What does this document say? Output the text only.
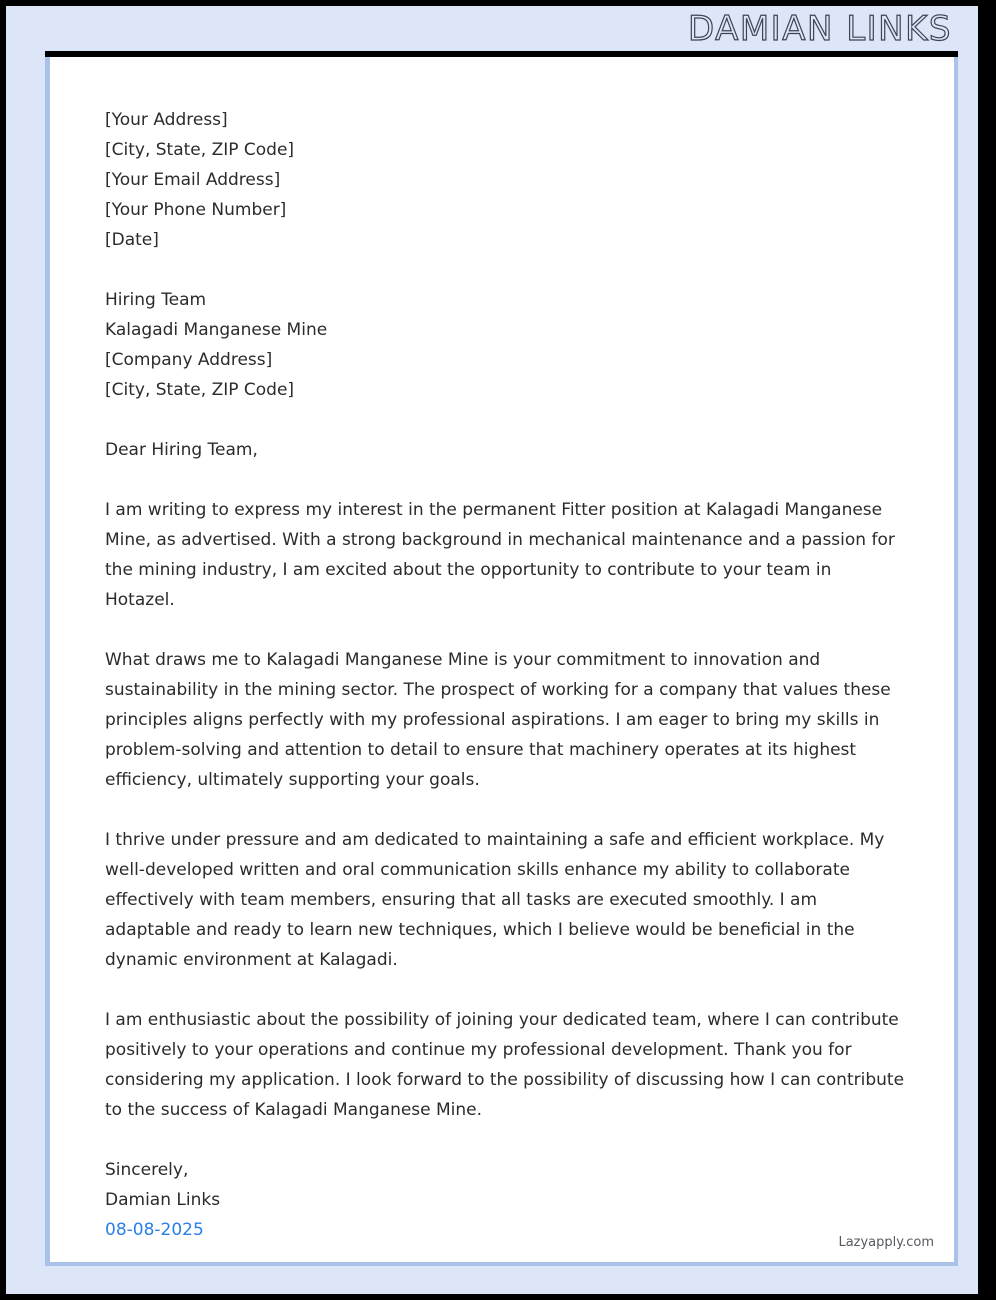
DAMIAN LINKS
[Your Address]
[City, State, ZIP Code]
[Your Email Address]
[Your Phone Number]
[Date]
Hiring Team
Kalagadi Manganese Mine
[Company Address]
[City, State, ZIP Code]
Dear Hiring Team,
I am writing to express my interest in the permanent Fitter position at Kalagadi Manganese Mine, as advertised. With a strong background in mechanical maintenance and a passion for the mining industry, I am excited about the opportunity to contribute to your team in Hotazel.
What draws me to Kalagadi Manganese Mine is your commitment to innovation and sustainability in the mining sector. The prospect of working for a company that values these principles aligns perfectly with my professional aspirations. I am eager to bring my skills in problem-solving and attention to detail to ensure that machinery operates at its highest efficiency, ultimately supporting your goals.
I thrive under pressure and am dedicated to maintaining a safe and efficient workplace. My well-developed written and oral communication skills enhance my ability to collaborate effectively with team members, ensuring that all tasks are executed smoothly. I am adaptable and ready to learn new techniques, which I believe would be beneficial in the dynamic environment at Kalagadi.
I am enthusiastic about the possibility of joining your dedicated team, where I can contribute positively to your operations and continue my professional development. Thank you for considering my application. I look forward to the possibility of discussing how I can contribute to the success of Kalagadi Manganese Mine.
Sincerely,
Damian Links
08-08-2025
Lazyapply.com
